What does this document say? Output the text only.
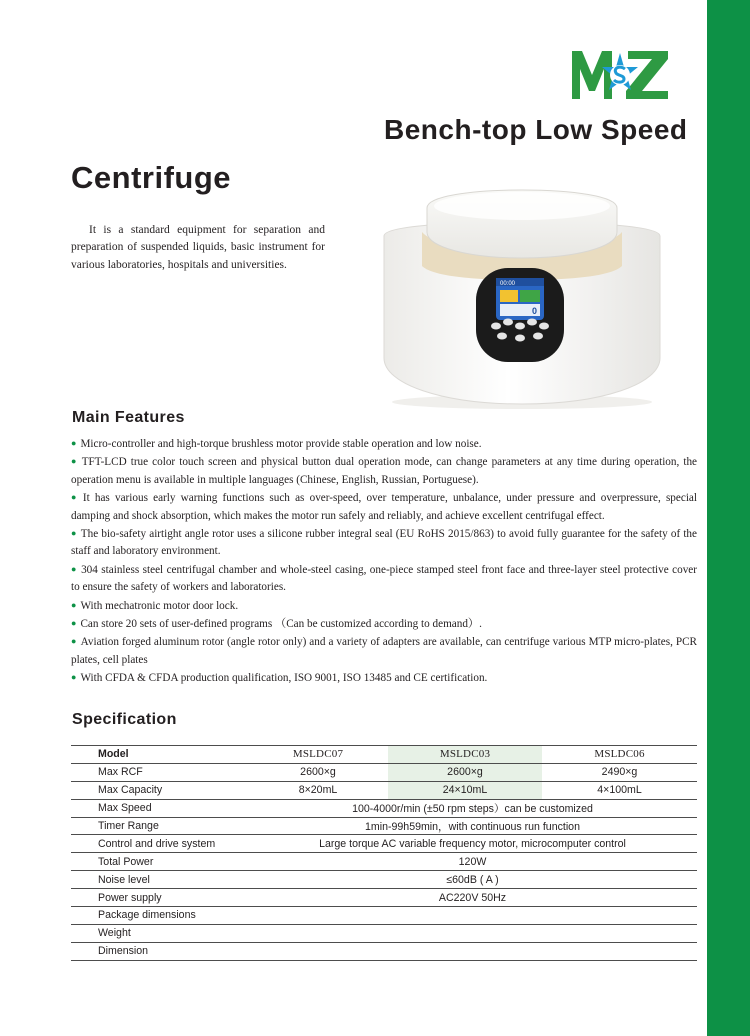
Bench-top Low Speed
Centrifuge

It is a standard equipment for separation and preparation of suspended liquids, basic instrument for various laboratories, hospitals and universities.

00:00
0
Main Features
● Micro-controller and high-torque brushless motor provide stable operation and low noise.
● TFT-LCD true color touch screen and physical button dual operation mode, can change parameters at any time during operation, the operation menu is available in multiple languages (Chinese, English, Russian, Portuguese).
● It has various early warning functions such as over-speed, over temperature, unbalance, under pressure and overpressure, special damping and shock absorption, which makes the motor run safely and reliably, and achieve excellent centrifugal effect.
● The bio-safety airtight angle rotor uses a silicone rubber integral seal (EU RoHS 2015/863) to avoid fully guarantee for the safety of the staff and laboratory environment.
● 304 stainless steel centrifugal chamber and whole-steel casing, one-piece stamped steel front face and three-layer steel protective cover to ensure the safety of workers and laboratories.
● With mechatronic motor door lock.
● Can store 20 sets of user-defined programs （Can be customized according to demand）.
● Aviation forged aluminum rotor (angle rotor only) and a variety of adapters are available, can centrifuge various MTP micro-plates, PCR plates, cell plates
● With CFDA & CFDA production qualification, ISO 9001, ISO 13485 and CE certification.
Specification
Model	MSLDC07	MSLDC03	MSLDC06
Max RCF	2600×g	2600×g	2490×g
Max Capacity	8×20mL	24×10mL	4×100mL
Max Speed	100-4000r/min (±50 rpm steps）can be customized		
Timer Range	1min-99h59min，with continuous run function		
Control and drive system	Large torque AC variable frequency motor, microcomputer control		
Total Power	120W		
Noise level	≤60dB ( A )		
Power supply	AC220V 50Hz		
Package dimensions			
Weight			
Dimension			
